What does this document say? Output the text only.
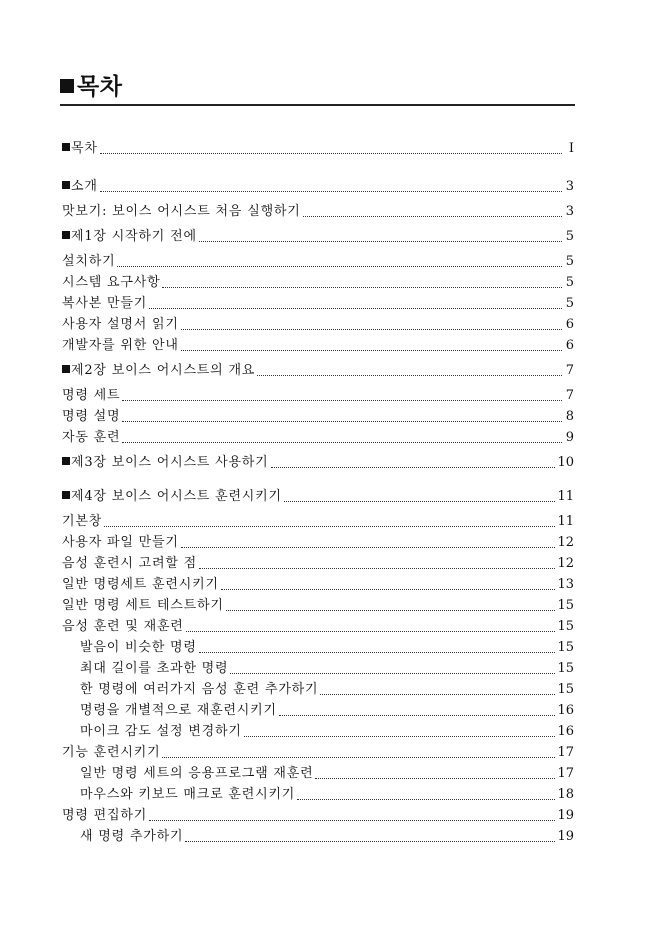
목차
목차	I
소개	3
맛보기: 보이스 어시스트 처음 실행하기	3
제1장 시작하기 전에	5
설치하기	5
시스템 요구사항	5
복사본 만들기	5
사용자 설명서 읽기	6
개발자를 위한 안내	6
제2장 보이스 어시스트의 개요	7
명령 세트	7
명령 설명	8
자동 훈련	9
제3장 보이스 어시스트 사용하기	10
제4장 보이스 어시스트 훈련시키기	11
기본창	11
사용자 파일 만들기	12
음성 훈련시 고려할 점	12
일반 명령세트 훈련시키기	13
일반 명령 세트 테스트하기	15
음성 훈련 및 재훈련	15
발음이 비슷한 명령	15
최대 길이를 초과한 명령	15
한 명령에 여러가지 음성 훈련 추가하기	15
명령을 개별적으로 재훈련시키기	16
마이크 감도 설정 변경하기	16
기능 훈련시키기	17
일반 명령 세트의 응용프로그램 재훈련	17
마우스와 키보드 매크로 훈련시키기	18
명령 편집하기	19
새 명령 추가하기	19
